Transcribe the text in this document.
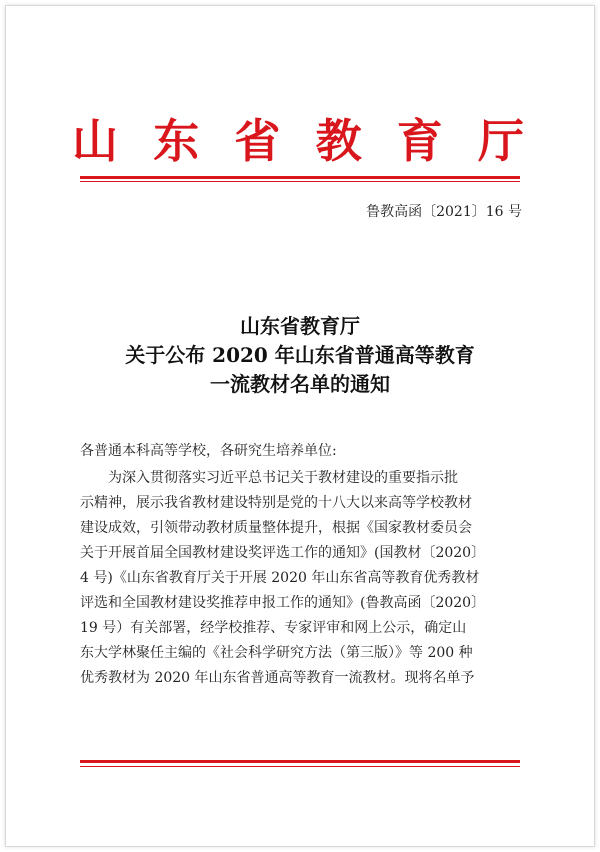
山 东 省 教 育 厅
鲁教高函〔2021〕16 号
山东省教育厅
关于公布 2020 年山东省普通高等教育
一流教材名单的通知
各普通本科高等学校，各研究生培养单位:
为深入贯彻落实习近平总书记关于教材建设的重要指示批
示精神，展示我省教材建设特别是党的十八大以来高等学校教材
建设成效，引领带动教材质量整体提升，根据《国家教材委员会
关于开展首届全国教材建设奖评选工作的通知》(国教材〔2020〕
4 号)《山东省教育厅关于开展 2020 年山东省高等教育优秀教材
评选和全国教材建设奖推荐申报工作的通知》(鲁教高函〔2020〕
19 号）有关部署，经学校推荐、专家评审和网上公示，确定山
东大学林聚任主编的《社会科学研究方法（第三版）》等 200 种
优秀教材为 2020 年山东省普通高等教育一流教材。现将名单予
